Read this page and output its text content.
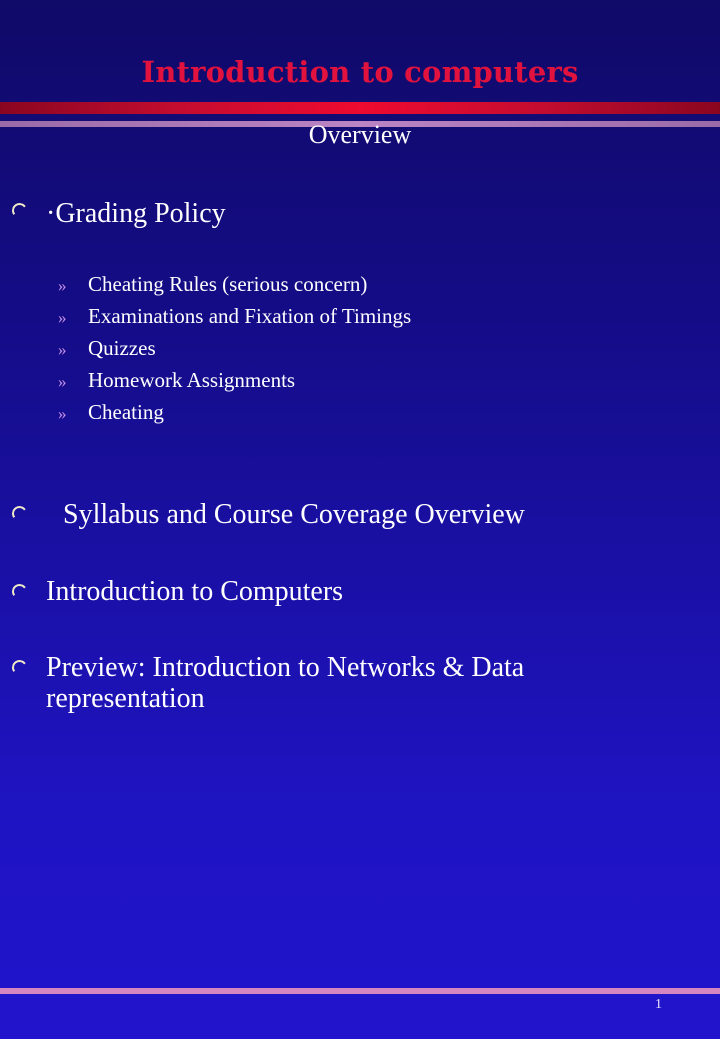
Introduction to computers
Overview
·Grading Policy
»	Cheating Rules (serious concern)
»	Examinations and Fixation of Timings
»	Quizzes
»	Homework Assignments
»	Cheating
Syllabus and Course Coverage Overview
Introduction to Computers
Preview: Introduction to Networks & Data
representation
1
